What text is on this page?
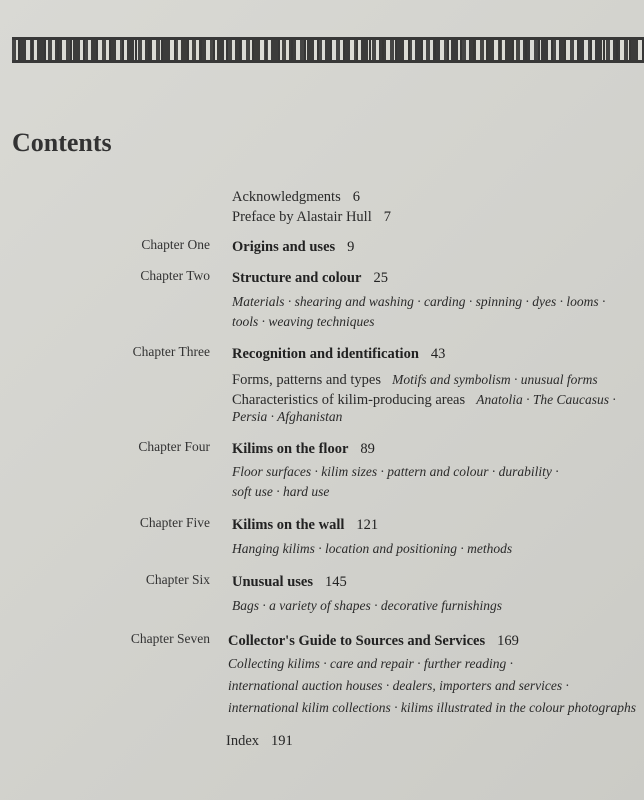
Contents
Acknowledgments 6
Preface by Alastair Hull 7
Chapter One Origins and uses 9
Chapter Two Structure and colour 25
Materials · shearing and washing · carding · spinning · dyes · looms ·
tools · weaving techniques
Chapter Three Recognition and identification 43
Forms, patterns and types Motifs and symbolism · unusual forms
Characteristics of kilim-producing areas Anatolia · The Caucasus ·
Persia · Afghanistan
Chapter Four Kilims on the floor 89
Floor surfaces · kilim sizes · pattern and colour · durability ·
soft use · hard use
Chapter Five Kilims on the wall 121
Hanging kilims · location and positioning · methods
Chapter Six Unusual uses 145
Bags · a variety of shapes · decorative furnishings
Chapter Seven Collector's Guide to Sources and Services 169
Collecting kilims · care and repair · further reading ·
international auction houses · dealers, importers and services ·
international kilim collections · kilims illustrated in the colour photographs
Index 191
